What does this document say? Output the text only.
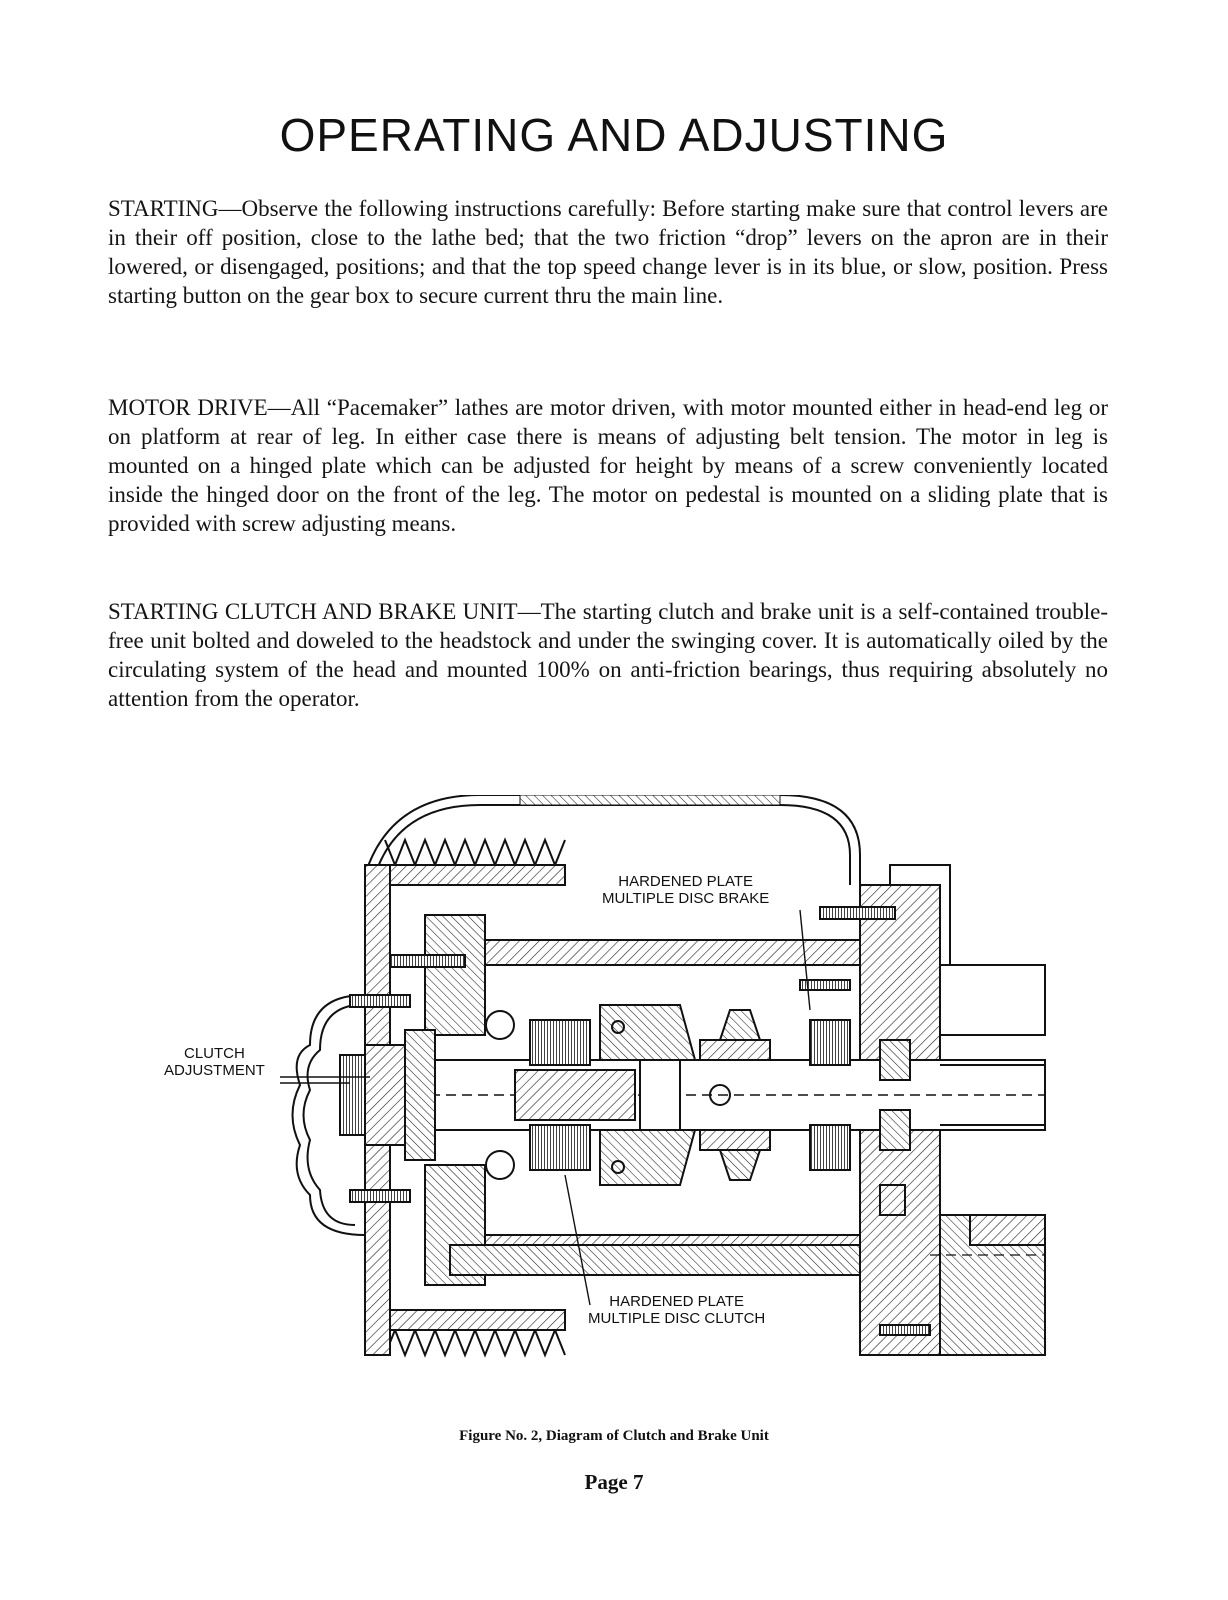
OPERATING AND ADJUSTING
STARTING—Observe the following instructions carefully: Before starting make sure that control levers are in their off position, close to the lathe bed; that the two friction “drop” levers on the apron are in their lowered, or disengaged, positions; and that the top speed change lever is in its blue, or slow, position. Press starting button on the gear box to secure current thru the main line.
MOTOR DRIVE—All “Pacemaker” lathes are motor driven, with motor mounted either in head-end leg or on platform at rear of leg. In either case there is means of adjusting belt tension. The motor in leg is mounted on a hinged plate which can be adjusted for height by means of a screw conveniently located inside the hinged door on the front of the leg. The motor on pedestal is mounted on a sliding plate that is provided with screw adjusting means.
STARTING CLUTCH AND BRAKE UNIT—The starting clutch and brake unit is a self-contained trouble-free unit bolted and doweled to the headstock and under the swinging cover. It is automatically oiled by the circulating system of the head and mounted 100% on anti-friction bearings, thus requiring absolutely no attention from the operator.
HARDENED PLATE
MULTIPLE DISC BRAKE
CLUTCH
ADJUSTMENT
HARDENED PLATE
MULTIPLE DISC CLUTCH
Figure No. 2, Diagram of Clutch and Brake Unit
Page 7
